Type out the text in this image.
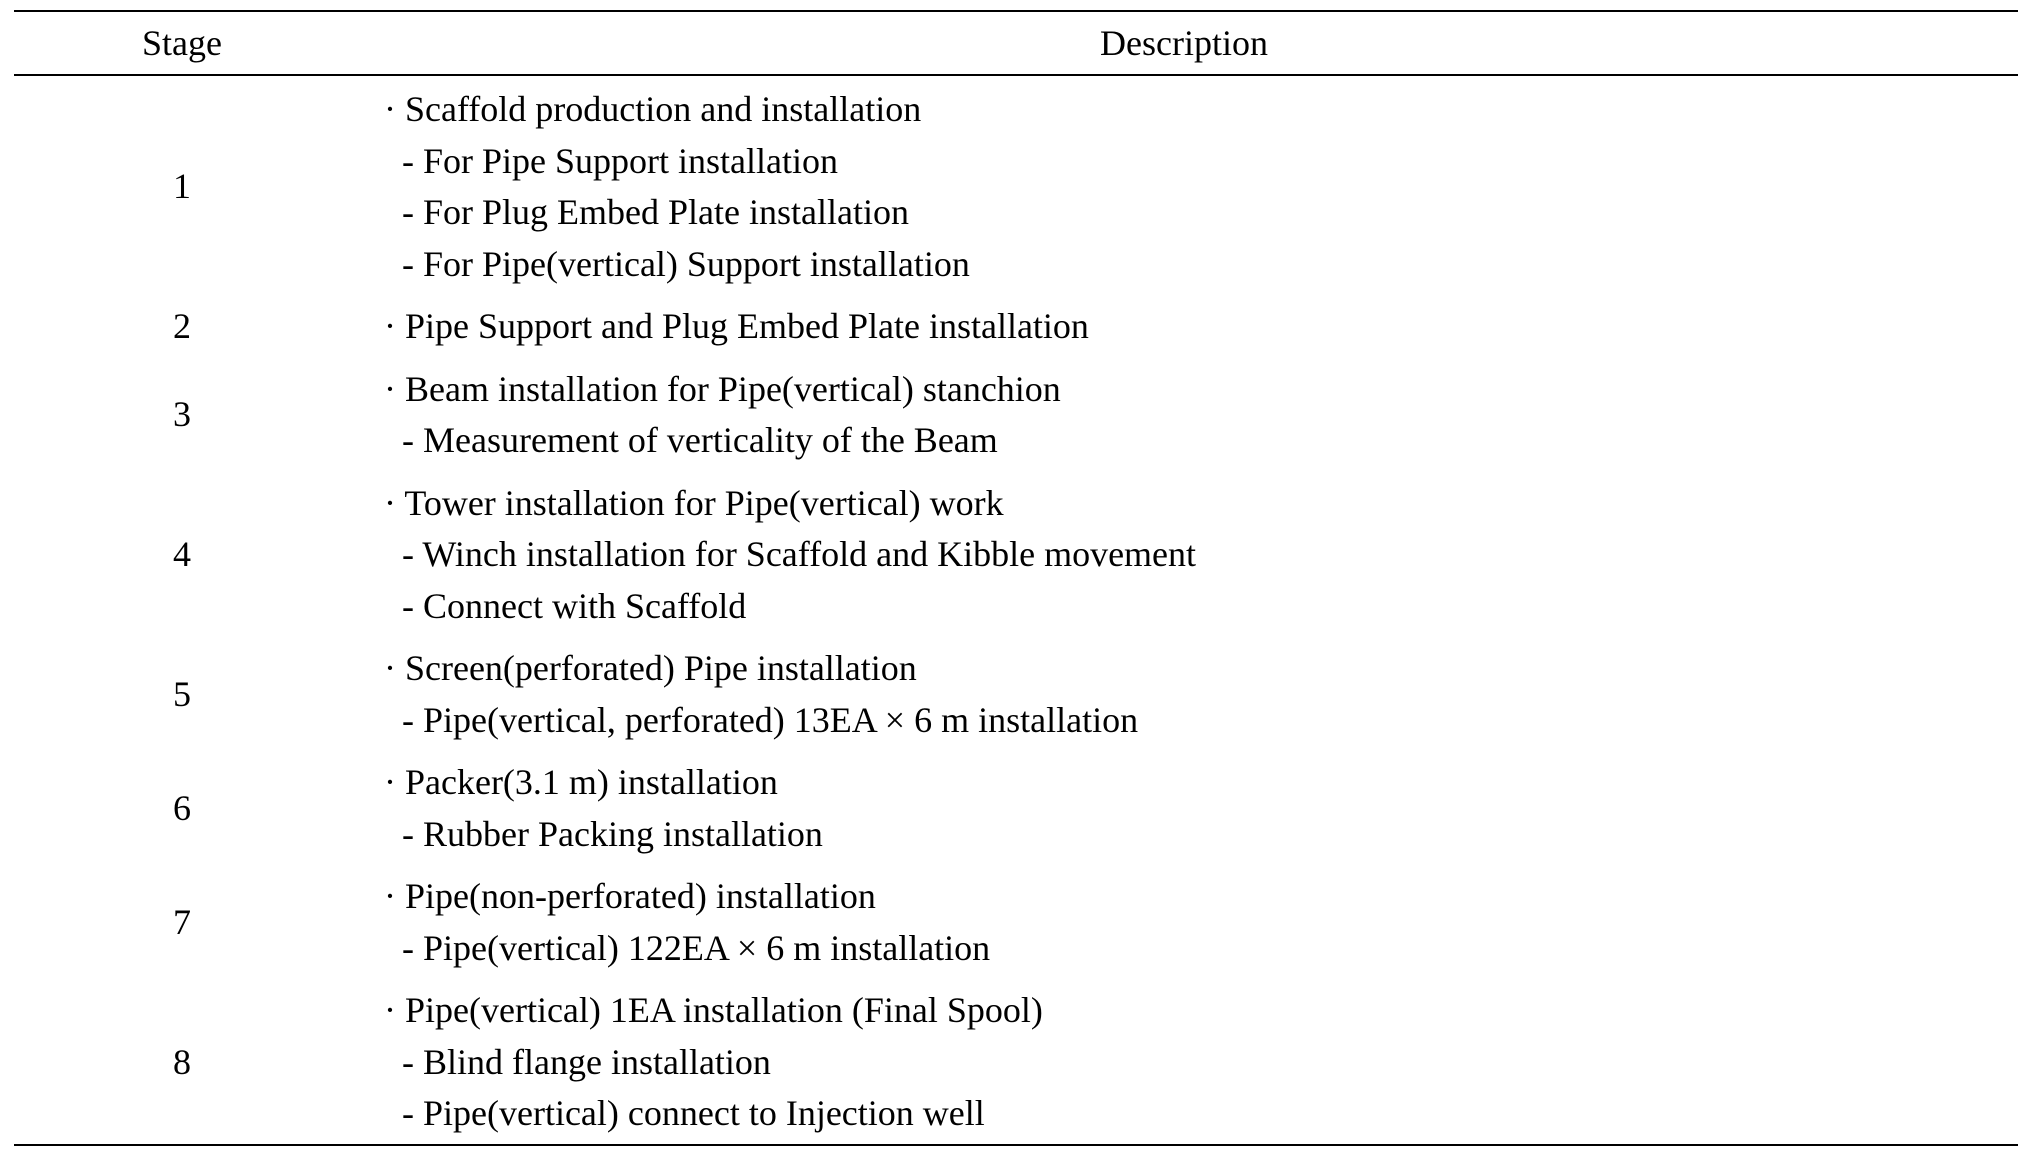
Stage	Description
1
· Scaffold production and installation
- For Pipe Support installation
- For Plug Embed Plate installation
- For Pipe(vertical) Support installation
2	· Pipe Support and Plug Embed Plate installation
3
· Beam installation for Pipe(vertical) stanchion
- Measurement of verticality of the Beam
4
· Tower installation for Pipe(vertical) work
- Winch installation for Scaffold and Kibble movement
- Connect with Scaffold
5
· Screen(perforated) Pipe installation
- Pipe(vertical, perforated) 13EA × 6 m installation
6
· Packer(3.1 m) installation
- Rubber Packing installation
7
· Pipe(non-perforated) installation
- Pipe(vertical) 122EA × 6 m installation
8
· Pipe(vertical) 1EA installation (Final Spool)
- Blind flange installation
- Pipe(vertical) connect to Injection well
